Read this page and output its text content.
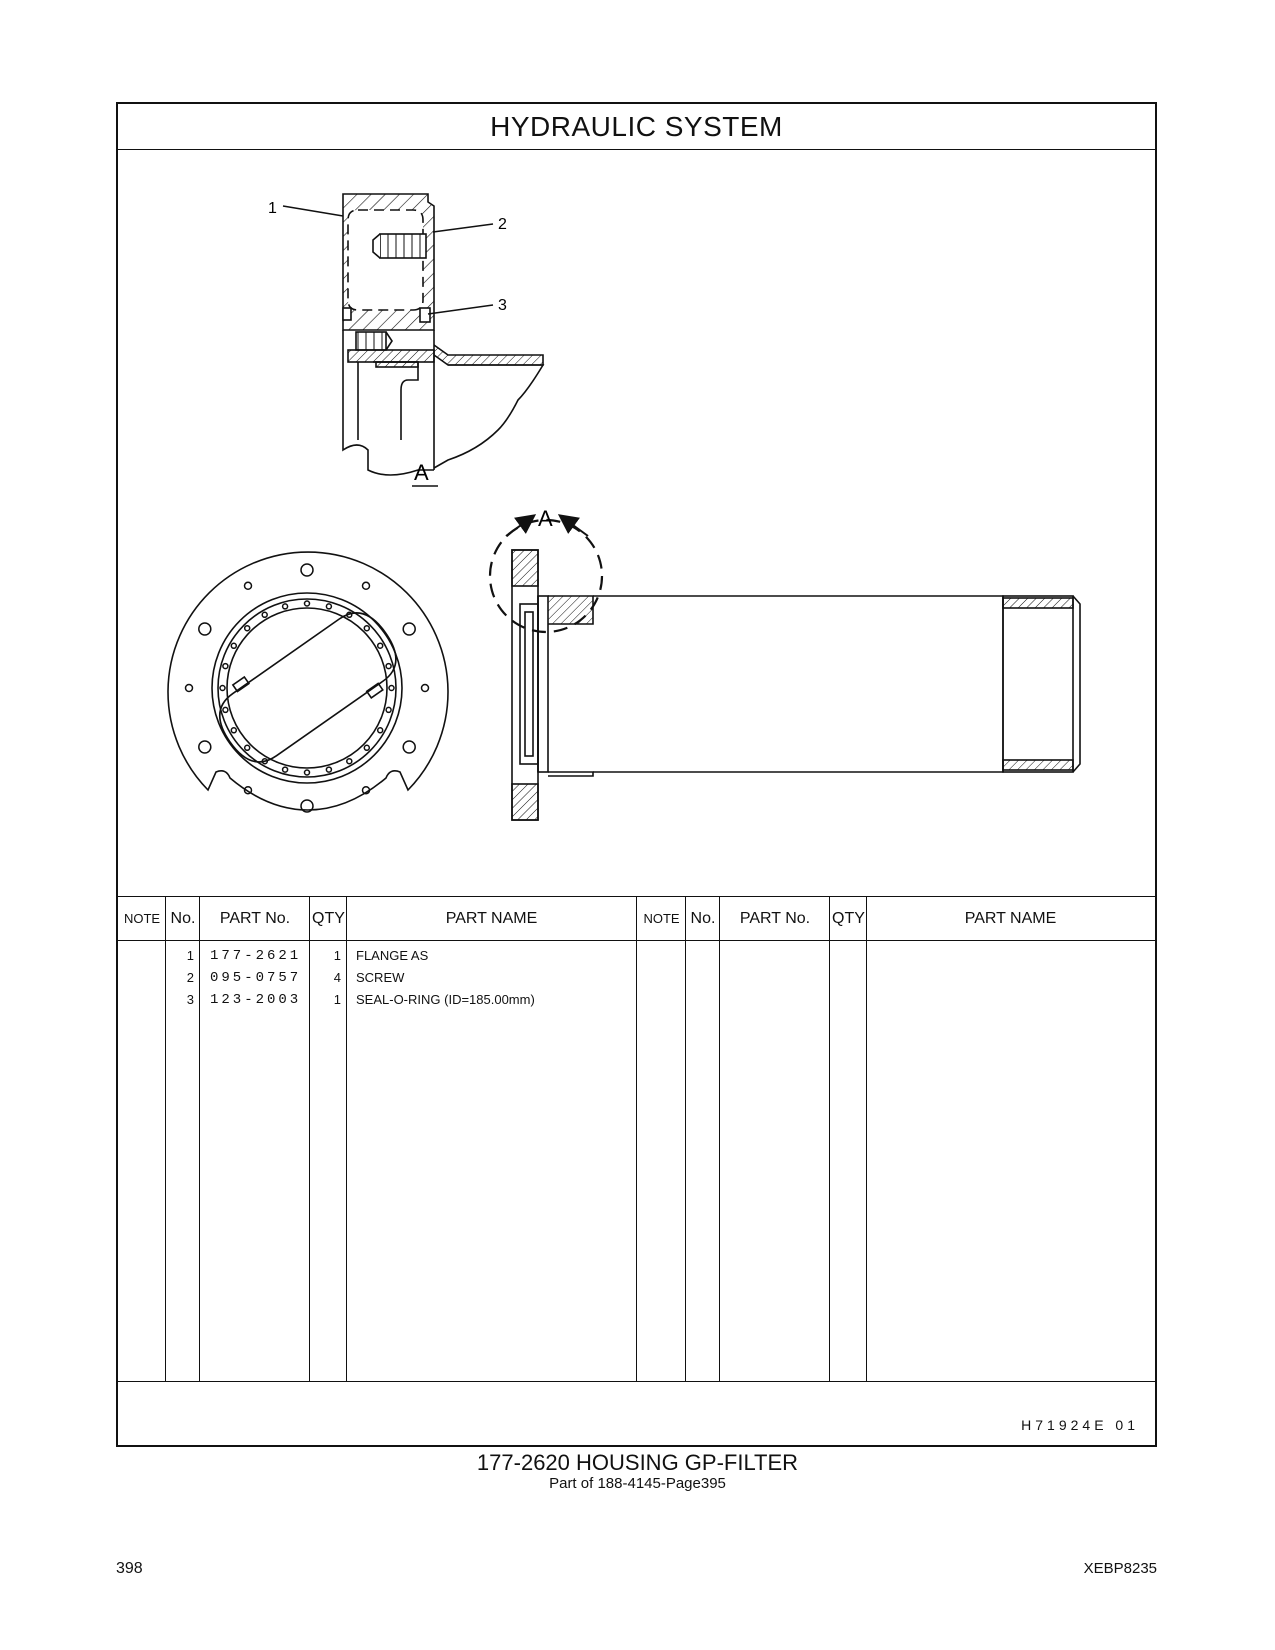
HYDRAULIC SYSTEM
1
2
3
A
A
NOTE No.	PART No.	QTY	PART NAME
1 177-2621	1 FLANGE AS
2 095-0757	4 SCREW
3 123-2003	1 SEAL-O-RING (ID=185.00mm)
NOTE No.	PART No.	QTY	PART NAME
H71924E 01
177-2620 HOUSING GP-FILTER
Part of 188-4145-Page395
398	XEBP8235
